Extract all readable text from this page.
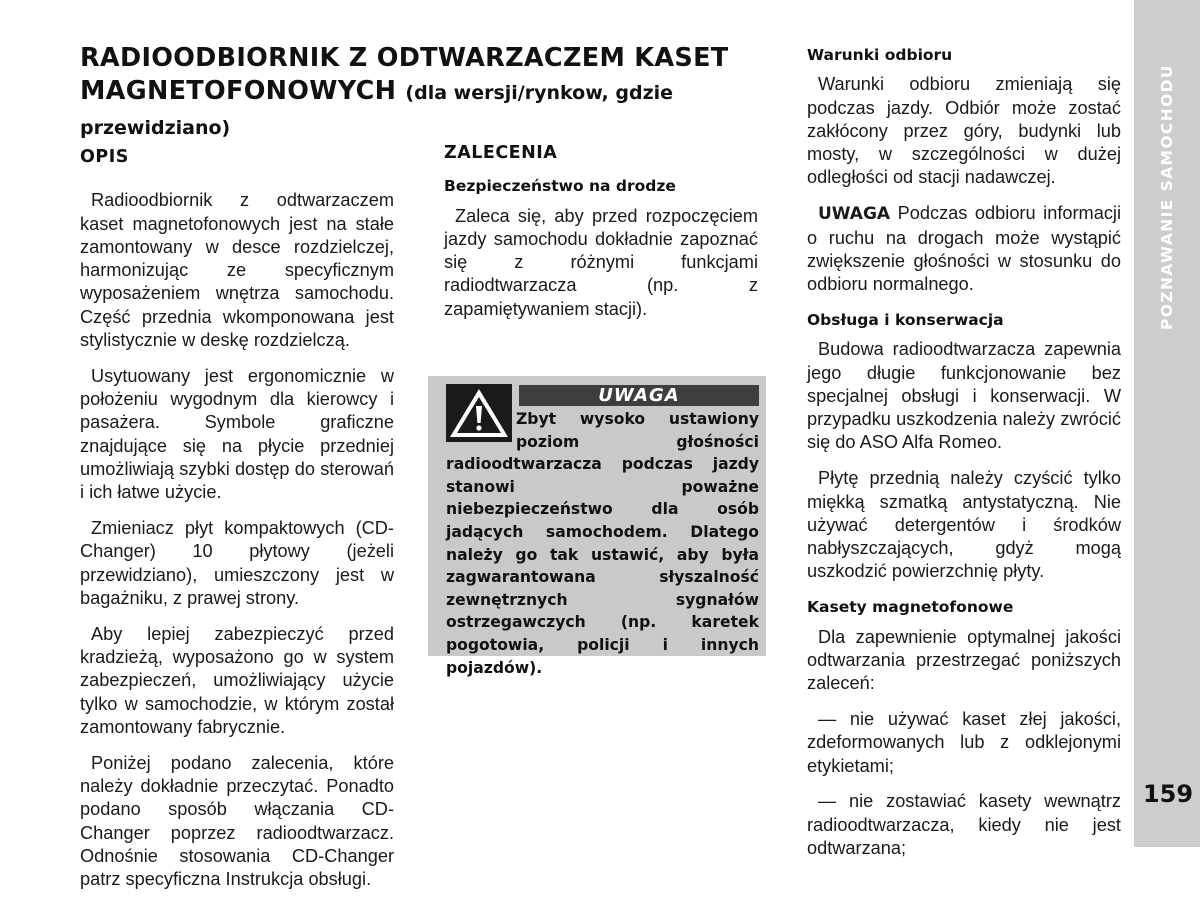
RADIOODBIORNIK Z ODTWARZACZEM KASET
MAGNETOFONOWYCH (dla wersji/rynkow, gdzie przewidziano)
OPIS

Radioodbiornik z odtwarzaczem kaset magnetofonowych jest na stałe zamontowany w desce rozdzielczej, harmonizując ze specyficznym wyposażeniem wnętrza samochodu. Część przednia wkomponowana jest stylistycznie w deskę rozdzielczą.

Usytuowany jest ergonomicznie w położeniu wygodnym dla kierowcy i pasażera. Symbole graficzne znajdujące się na płycie przedniej umożliwiają szybki dostęp do sterowań i ich łatwe użycie.

Zmieniacz płyt kompaktowych (CD-Changer) 10 płytowy (jeżeli przewidziano), umieszczony jest w bagażniku, z prawej strony.

Aby lepiej zabezpieczyć przed kradzieżą, wyposażono go w system zabezpieczeń, umożliwiający użycie tylko w samochodzie, w którym został zamontowany fabrycznie.

Poniżej podano zalecenia, które należy dokładnie przeczytać. Ponadto podano sposób włączania CD-Changer poprzez radioodtwarzacz. Odnośnie stosowania CD-Changer patrz specyficzna Instrukcja obsługi.

ZALECENIA
Bezpieczeństwo na drodze

Zaleca się, aby przed rozpoczęciem jazdy samochodu dokładnie zapoznać się z różnymi funkcjami radiodtwarzacza (np. z zapamiętywaniem stacji).

UWAGA
Zbyt wysoko ustawiony poziom głośności radioodtwarzacza podczas jazdy stanowi poważne niebezpieczeństwo dla osób jadących samochodem. Dlatego należy go tak ustawić, aby była zagwarantowana słyszalność zewnętrznych sygnałów ostrzegawczych (np. karetek pogotowia, policji i innych pojazdów).
Warunki odbioru

Warunki odbioru zmieniają się podczas jazdy. Odbiór może zostać zakłócony przez góry, budynki lub mosty, w szczególności w dużej odległości od stacji nadawczej.

UWAGA Podczas odbioru informacji o ruchu na drogach może wystąpić zwiększenie głośności w stosunku do odbioru normalnego.

Obsługa i konserwacja

Budowa radioodtwarzacza zapewnia jego długie funkcjonowanie bez specjalnej obsługi i konserwacji. W przypadku uszkodzenia należy zwrócić się do ASO Alfa Romeo.

Płytę przednią należy czyścić tylko miękką szmatką antystatyczną. Nie używać detergentów i środków nabłyszczających, gdyż mogą uszkodzić powierzchnię płyty.

Kasety magnetofonowe

Dla zapewnienie optymalnej jakości odtwarzania przestrzegać poniższych zaleceń:

— nie używać kaset złej jakości, zdeformowanych lub z odklejonymi etykietami;

— nie zostawiać kasety wewnątrz radioodtwarzacza, kiedy nie jest odtwarzana;

POZNAWANIE SAMOCHODU
159
